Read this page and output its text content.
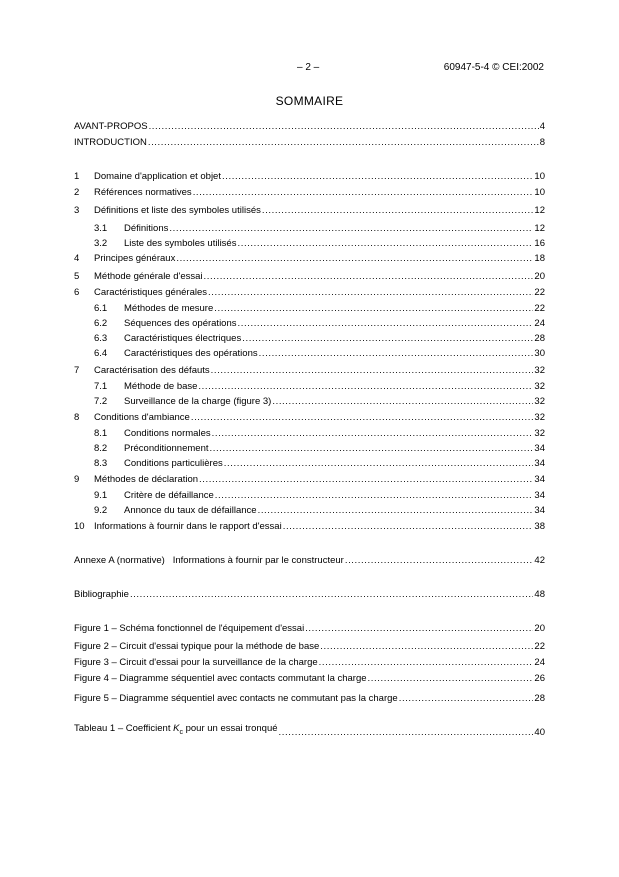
– 2 –	60947-5-4 © CEI:2002
SOMMAIRE
AVANT-PROPOS .....	4
INTRODUCTION .....	8
1	Domaine d'application et objet .....	10
2	Références normatives .....	10
3	Définitions et liste des symboles utilisés .....	12
3.1	Définitions .....	12
3.2	Liste des symboles utilisés .....	16
4	Principes généraux .....	18
5	Méthode générale d'essai .....	20
6	Caractéristiques générales .....	22
6.1	Méthodes de mesure .....	22
6.2	Séquences des opérations .....	24
6.3	Caractéristiques électriques .....	28
6.4	Caractéristiques des opérations .....	30
7	Caractérisation des défauts .....	32
7.1	Méthode de base .....	32
7.2	Surveillance de la charge (figure 3) .....	32
8	Conditions d'ambiance .....	32
8.1	Conditions normales .....	32
8.2	Préconditionnement .....	34
8.3	Conditions particulières .....	34
9	Méthodes de déclaration .....	34
9.1	Critère de défaillance .....	34
9.2	Annonce du taux de défaillance .....	34
10 Informations à fournir dans le rapport d'essai .....	38
Annexe A (normative)   Informations à fournir par le constructeur .....	42
Bibliographie .....	48
Figure 1 – Schéma fonctionnel de l'équipement d'essai .....	20
Figure 2 – Circuit d'essai typique pour la méthode de base .....	22
Figure 3 – Circuit d'essai pour la surveillance de la charge .....	24
Figure 4 – Diagramme séquentiel avec contacts commutant la charge .....	26
Figure 5 – Diagramme séquentiel avec contacts ne commutant pas la charge .....	28
Tableau 1 – Coefficient $K_c$ pour un essai tronqué .....	40
